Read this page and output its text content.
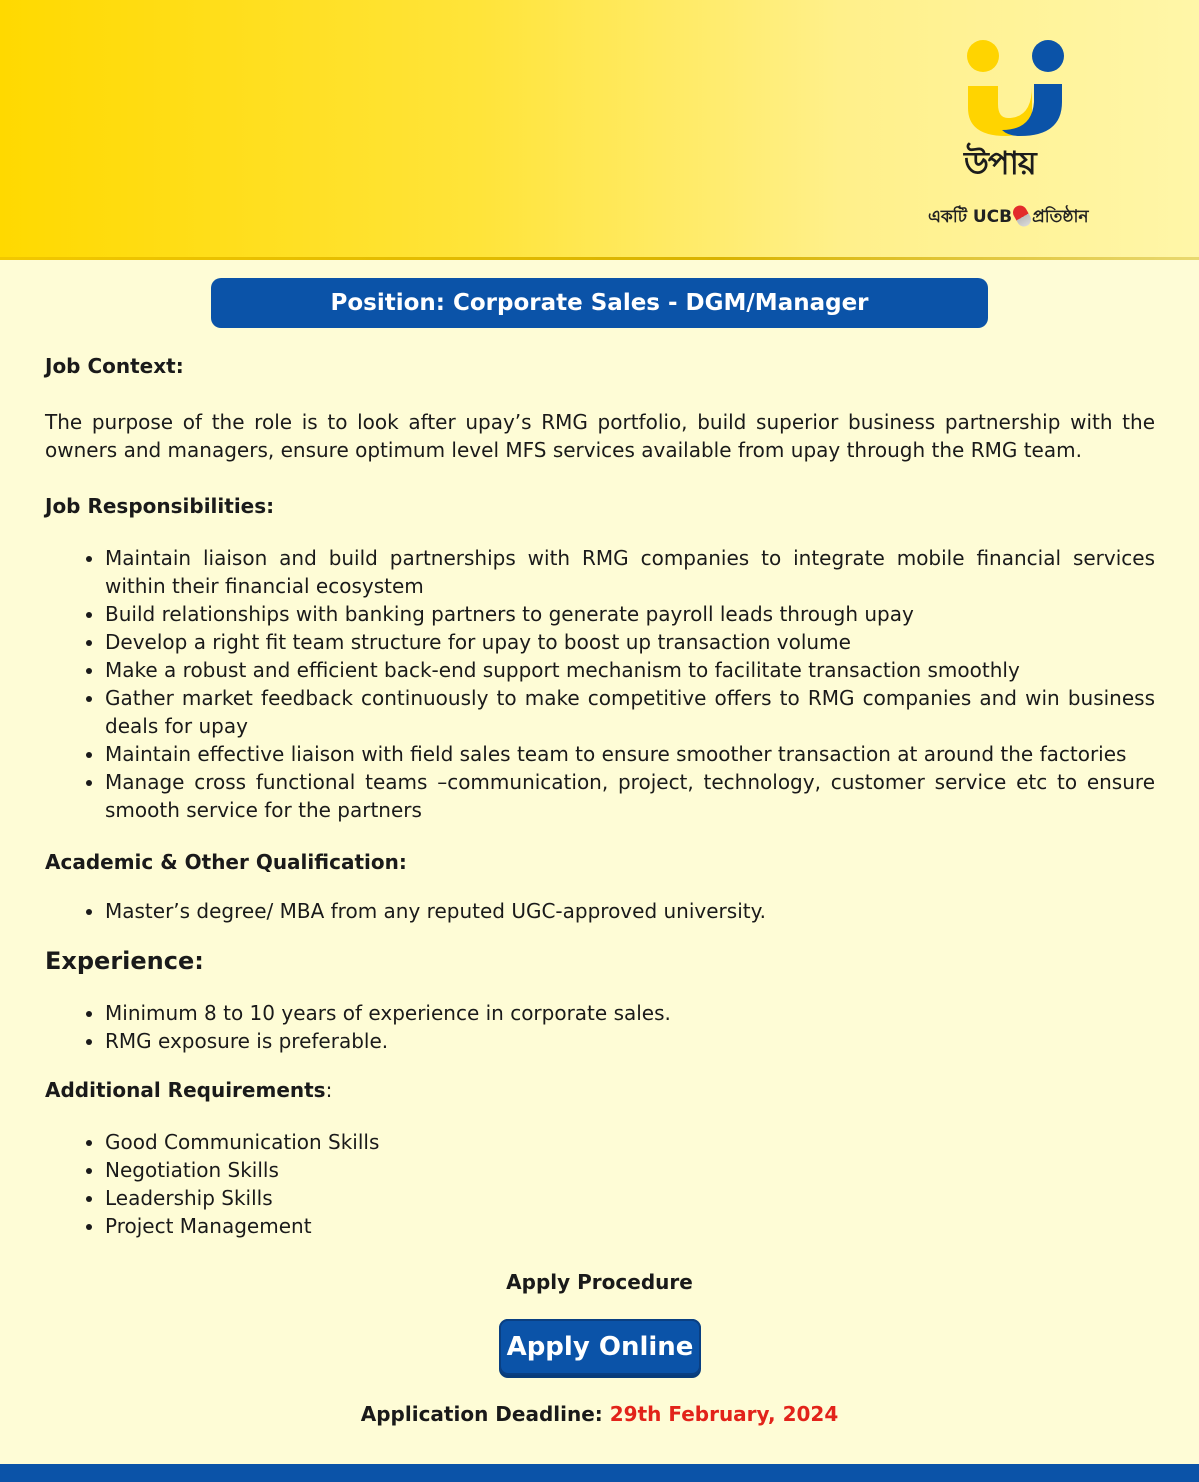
উপায়
একটি UCB প্রতিষ্ঠান
Position: Corporate Sales - DGM/Manager

Job Context:

The purpose of the role is to look after upay’s RMG portfolio, build superior business partnership with the owners and managers, ensure optimum level MFS services available from upay through the RMG team.

Job Responsibilities:

• Maintain liaison and build partnerships with RMG companies to integrate mobile financial services within their financial ecosystem
• Build relationships with banking partners to generate payroll leads through upay
• Develop a right fit team structure for upay to boost up transaction volume
• Make a robust and efficient back-end support mechanism to facilitate transaction smoothly
• Gather market feedback continuously to make competitive offers to RMG companies and win business deals for upay
• Maintain effective liaison with field sales team to ensure smoother transaction at around the factories
• Manage cross functional teams –communication, project, technology, customer service etc to ensure smooth service for the partners

Academic & Other Qualification:

• Master’s degree/ MBA from any reputed UGC-approved university.

Experience:

• Minimum 8 to 10 years of experience in corporate sales.
• RMG exposure is preferable.

Additional Requirements:

• Good Communication Skills
• Negotiation Skills
• Leadership Skills
• Project Management
Apply Procedure
Apply Online
Application Deadline: 29th February, 2024
